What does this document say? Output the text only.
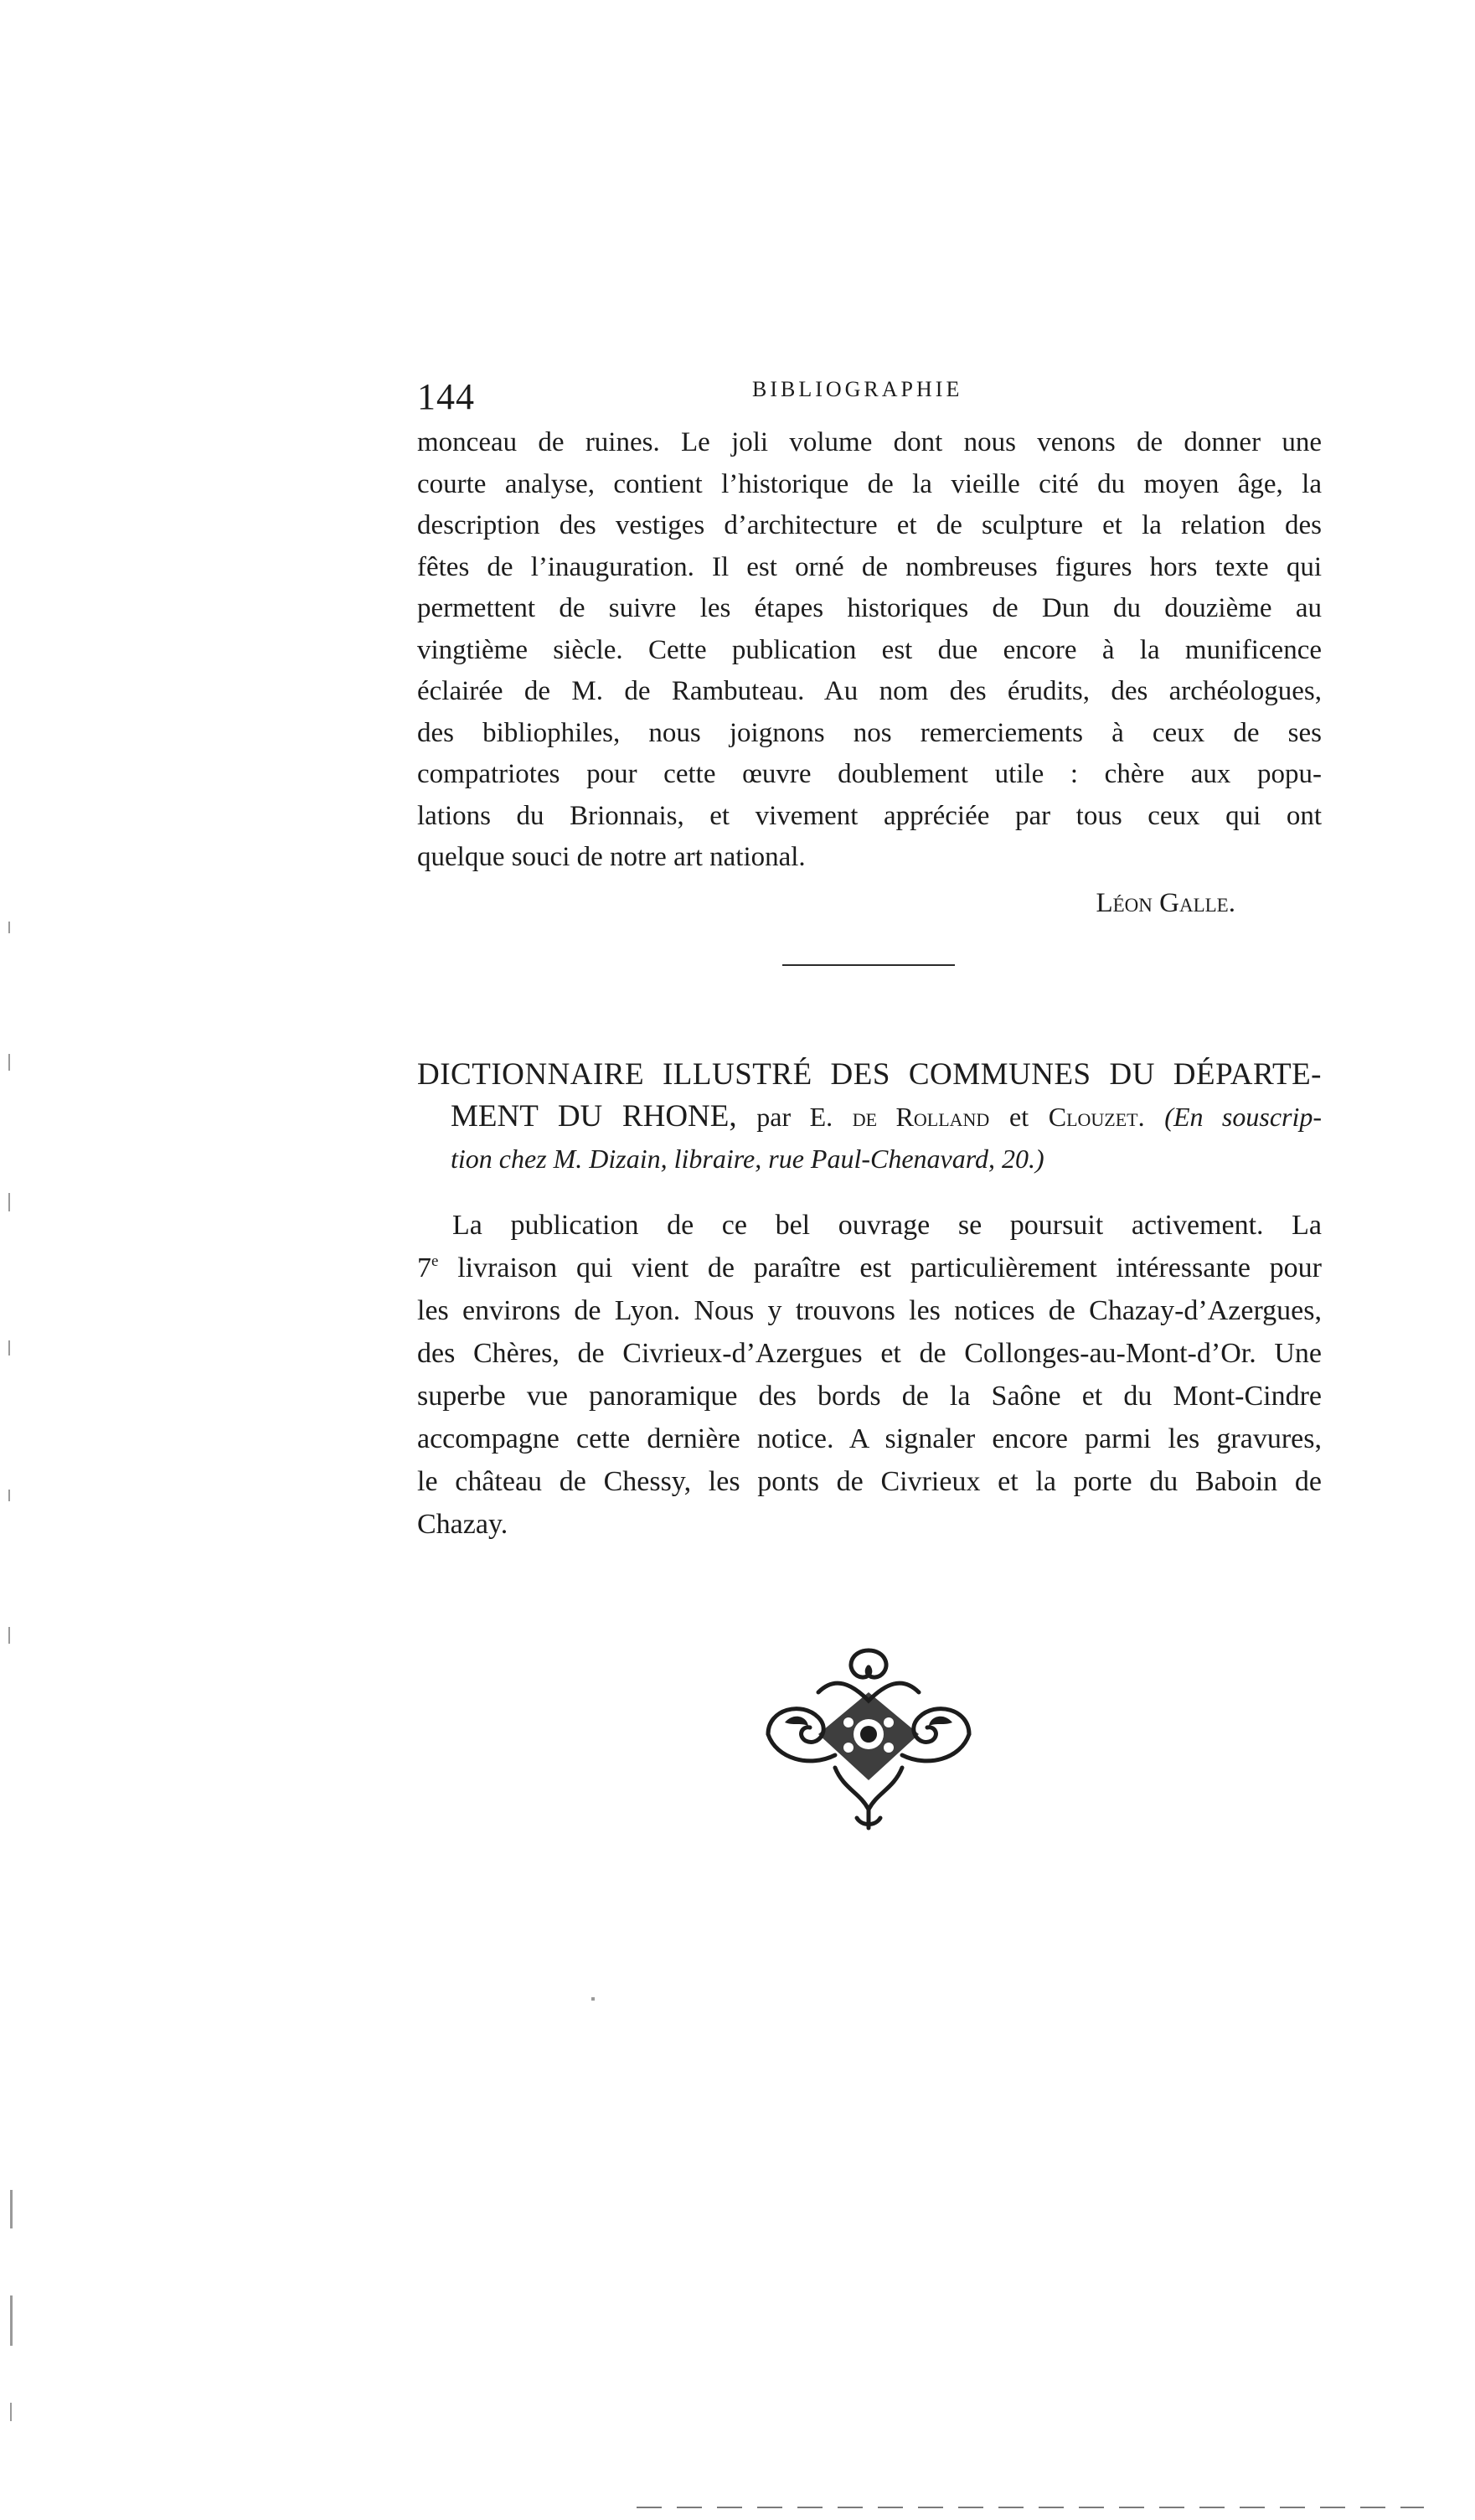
144	BIBLIOGRAPHIE

monceau de ruines. Le joli volume dont nous venons de donner une
courte analyse, contient l’historique de la vieille cité du moyen âge, la
description des vestiges d’architecture et de sculpture et la relation des
fêtes de l’inauguration. Il est orné de nombreuses figures hors texte qui
permettent de suivre les étapes historiques de Dun du douzième au
vingtième siècle. Cette publication est due encore à la munificence
éclairée de M. de Rambuteau. Au nom des érudits, des archéologues,
des bibliophiles, nous joignons nos remerciements à ceux de ses
compatriotes pour cette œuvre doublement utile : chère aux popu-
lations du Brionnais, et vivement appréciée par tous ceux qui ont
quelque souci de notre art national.

Léon Galle.

DICTIONNAIRE ILLUSTRÉ DES COMMUNES DU DÉPARTE-
MENT DU RHONE, par E. de Rolland et Clouzet. (En souscrip-
tion chez M. Dizain, libraire, rue Paul-Chenavard, 20.)

La publication de ce bel ouvrage se poursuit activement. La
7e livraison qui vient de paraître est particulièrement intéressante pour
les environs de Lyon. Nous y trouvons les notices de Chazay-d’Azergues,
des Chères, de Civrieux-d’Azergues et de Collonges-au-Mont-d’Or. Une
superbe vue panoramique des bords de la Saône et du Mont-Cindre
accompagne cette dernière notice. A signaler encore parmi les gravures,
le château de Chessy, les ponts de Civrieux et la porte du Baboin de
Chazay.
